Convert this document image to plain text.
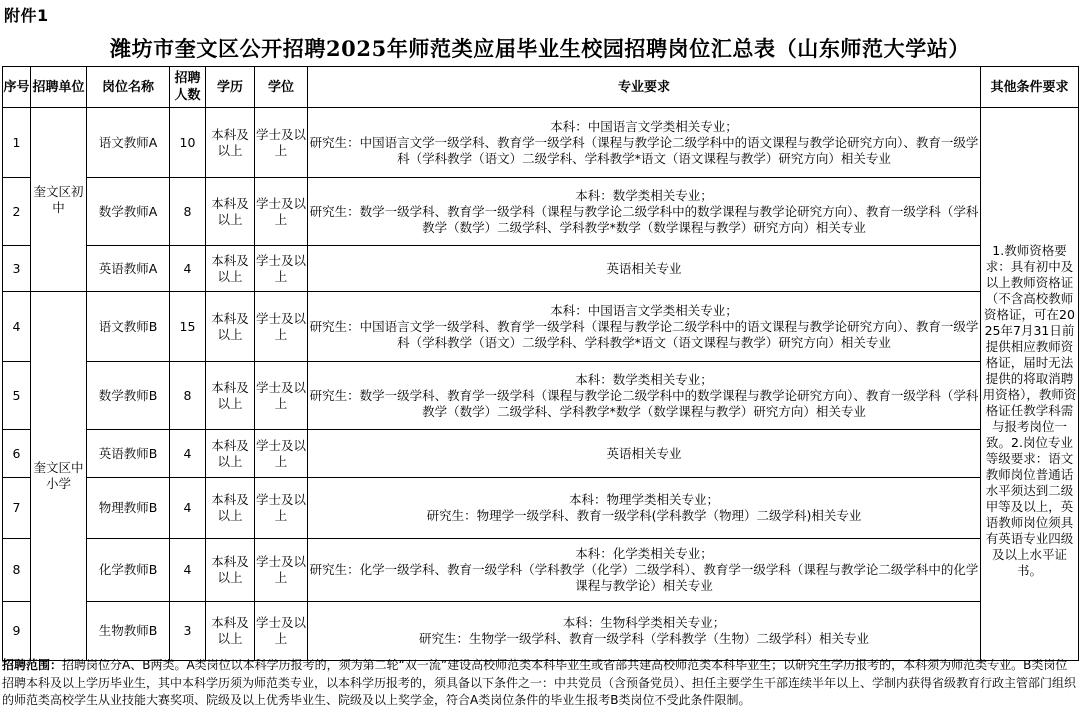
附件1
潍坊市奎文区公开招聘2025年师范类应届毕业生校园招聘岗位汇总表（山东师范大学站）
序号	招聘单位	岗位名称	招聘人数	学历	学位	专业要求	其他条件要求
1	奎文区初中	语文教师A	10	本科及以上	学士及以上	本科：中国语言文学类相关专业；
研究生：中国语言文学一级学科、教育学一级学科（课程与教学论二级学科中的语文课程与教学论研究方向）、教育一级学科（学科教学（语文）二级学科、学科教学*语文（语文课程与教学）研究方向）相关专业	1.教师资格要求：具有初中及以上教师资格证（不含高校教师资格证，可在2025年7月31日前提供相应教师资格证，届时无法提供的将取消聘用资格），教师资格证任教学科需与报考岗位一致。2.岗位专业等级要求：语文教师岗位普通话水平须达到二级甲等及以上，英语教师岗位须具有英语专业四级及以上水平证书。

2		数学教师A	8	本科及以上	学士及以上	本科：数学类相关专业；
研究生：数学一级学科、教育学一级学科（课程与教学论二级学科中的数学课程与教学论研究方向）、教育一级学科（学科教学（数学）二级学科、学科教学*数学（数学课程与教学）研究方向）相关专业	

3		英语教师A	4	本科及以上	学士及以上	英语相关专业	

4	奎文区中小学	语文教师B	15	本科及以上	学士及以上	本科：中国语言文学类相关专业；
研究生：中国语言文学一级学科、教育学一级学科（课程与教学论二级学科中的语文课程与教学论研究方向）、教育一级学科（学科教学（语文）二级学科、学科教学*语文（语文课程与教学）研究方向）相关专业	

5		数学教师B	8	本科及以上	学士及以上	本科：数学类相关专业；
研究生：数学一级学科、教育学一级学科（课程与教学论二级学科中的数学课程与教学论研究方向）、教育一级学科（学科教学（数学）二级学科、学科教学*数学（数学课程与教学）研究方向）相关专业	

6		英语教师B	4	本科及以上	学士及以上	英语相关专业	

7		物理教师B	4	本科及以上	学士及以上	本科：物理学类相关专业；
研究生：物理学一级学科、教育一级学科(学科教学（物理）二级学科)相关专业	

8		化学教师B	4	本科及以上	学士及以上	本科：化学类相关专业；
研究生：化学一级学科、教育一级学科（学科教学（化学）二级学科）、教育学一级学科（课程与教学论二级学科中的化学课程与教学论）相关专业	

9		生物教师B	3	本科及以上	学士及以上	本科：生物科学类相关专业；
研究生：生物学一级学科、教育一级学科（学科教学（生物）二级学科）相关专业	
招聘范围：招聘岗位分A、B两类。A类岗位以本科学历报考的，须为第二轮“双一流”建设高校师范类本科毕业生或省部共建高校师范类本科毕业生；以研究生学历报考的，本科须为师范类专业。B类岗位招聘本科及以上学历毕业生，其中本科学历须为师范类专业，以本科学历报考的，须具备以下条件之一：中共党员（含预备党员）、担任主要学生干部连续半年以上、学制内获得省级教育行政主管部门组织的师范类高校学生从业技能大赛奖项、院级及以上优秀毕业生、院级及以上奖学金，符合A类岗位条件的毕业生报考B类岗位不受此条件限制。
